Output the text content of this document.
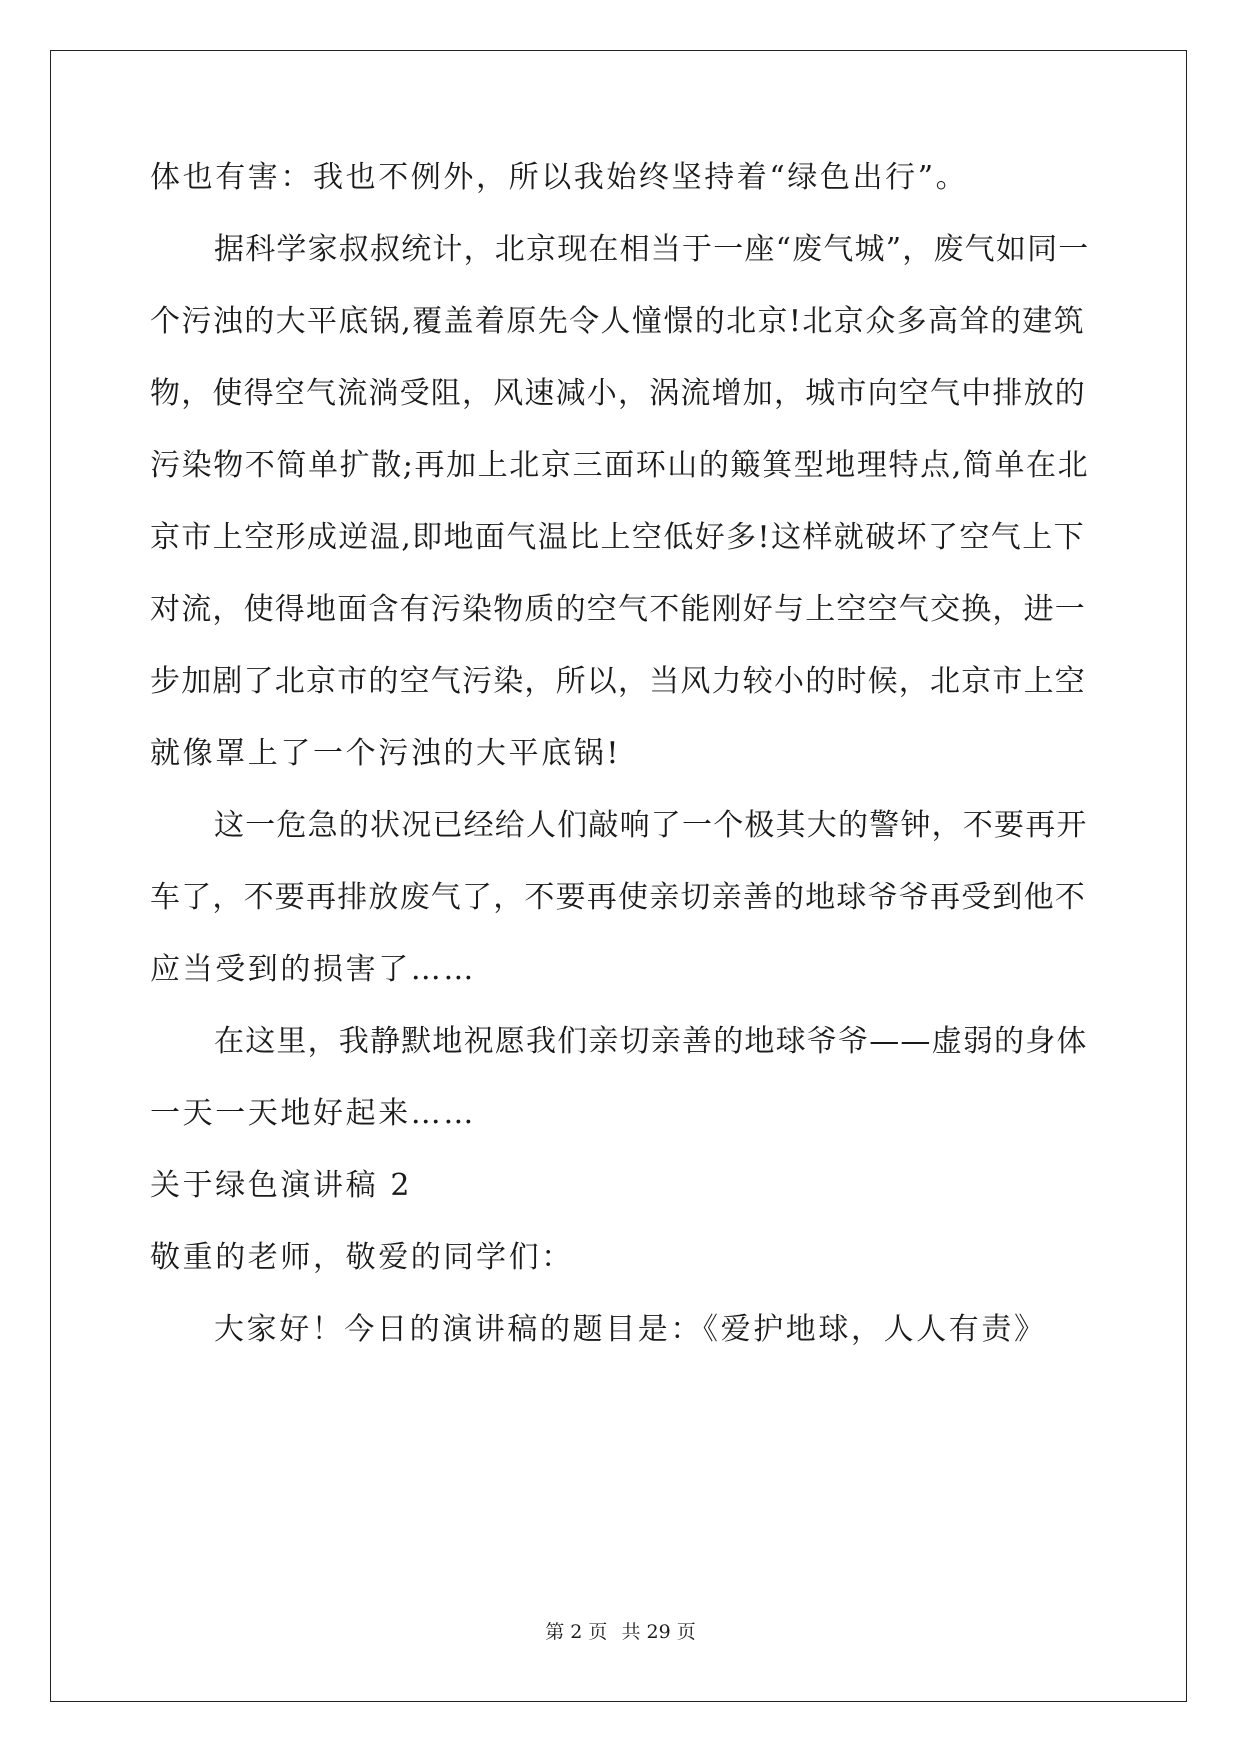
体也有害：我也不例外，所以我始终坚持着“绿色出行”。
据科学家叔叔统计，北京现在相当于一座“废气城”，废气如同一
个污浊的大平底锅,覆盖着原先令人憧憬的北京!北京众多高耸的建筑
物，使得空气流淌受阻，风速减小，涡流增加，城市向空气中排放的
污染物不简单扩散;再加上北京三面环山的簸箕型地理特点,简单在北
京市上空形成逆温,即地面气温比上空低好多!这样就破坏了空气上下
对流，使得地面含有污染物质的空气不能刚好与上空空气交换，进一
步加剧了北京市的空气污染，所以，当风力较小的时候，北京市上空
就像罩上了一个污浊的大平底锅!
这一危急的状况已经给人们敲响了一个极其大的警钟，不要再开
车了，不要再排放废气了，不要再使亲切亲善的地球爷爷再受到他不
应当受到的损害了……
在这里，我静默地祝愿我们亲切亲善的地球爷爷——虚弱的身体
一天一天地好起来……
关于绿色演讲稿 2
敬重的老师，敬爱的同学们：
大家好！今日的演讲稿的题目是：《爱护地球，人人有责》
第 2 页 共 29 页
